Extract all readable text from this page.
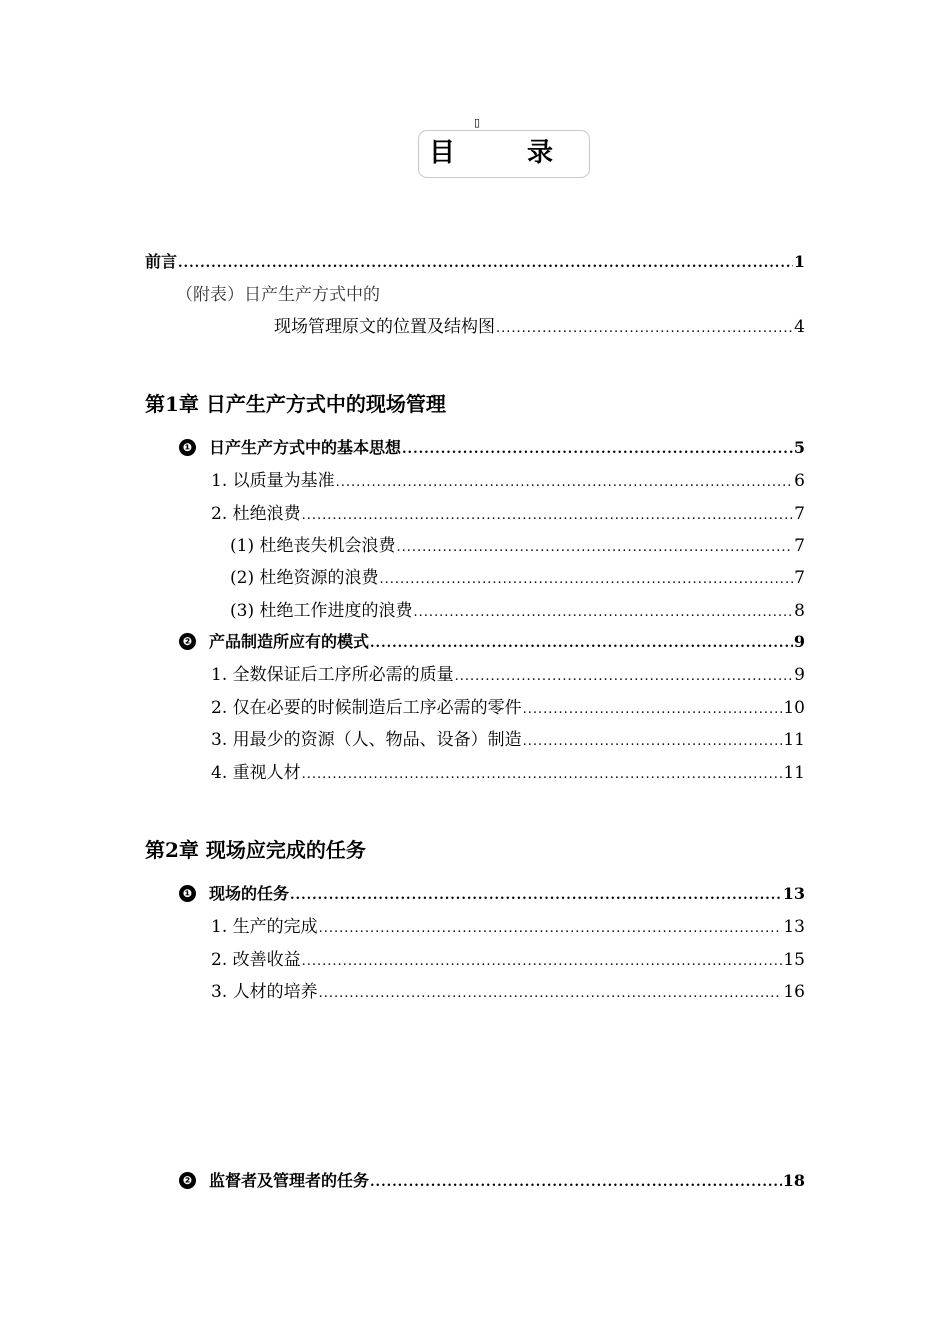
▯
目	录
前言 .....	1
（附表）日产生产方式中的
现场管理原文的位置及结构图 .....	4
第1章 日产生产方式中的现场管理
❶ 日产生产方式中的基本思想 .....	5
1. 以质量为基准 .....	6
2. 杜绝浪费 .....	7
(1) 杜绝丧失机会浪费 .....	7
(2) 杜绝资源的浪费 .....	7
(3) 杜绝工作进度的浪费 .....	8
❷ 产品制造所应有的模式 .....	9
1. 全数保证后工序所必需的质量 .....	9
2. 仅在必要的时候制造后工序必需的零件 .....	10
3. 用最少的资源（人、物品、设备）制造 .....	11
4. 重视人材 .....	11
第2章 现场应完成的任务
❶ 现场的任务 .....	13
1. 生产的完成 .....	13
2. 改善收益 .....	15
3. 人材的培养 .....	16
❷ 监督者及管理者的任务 .....	18
